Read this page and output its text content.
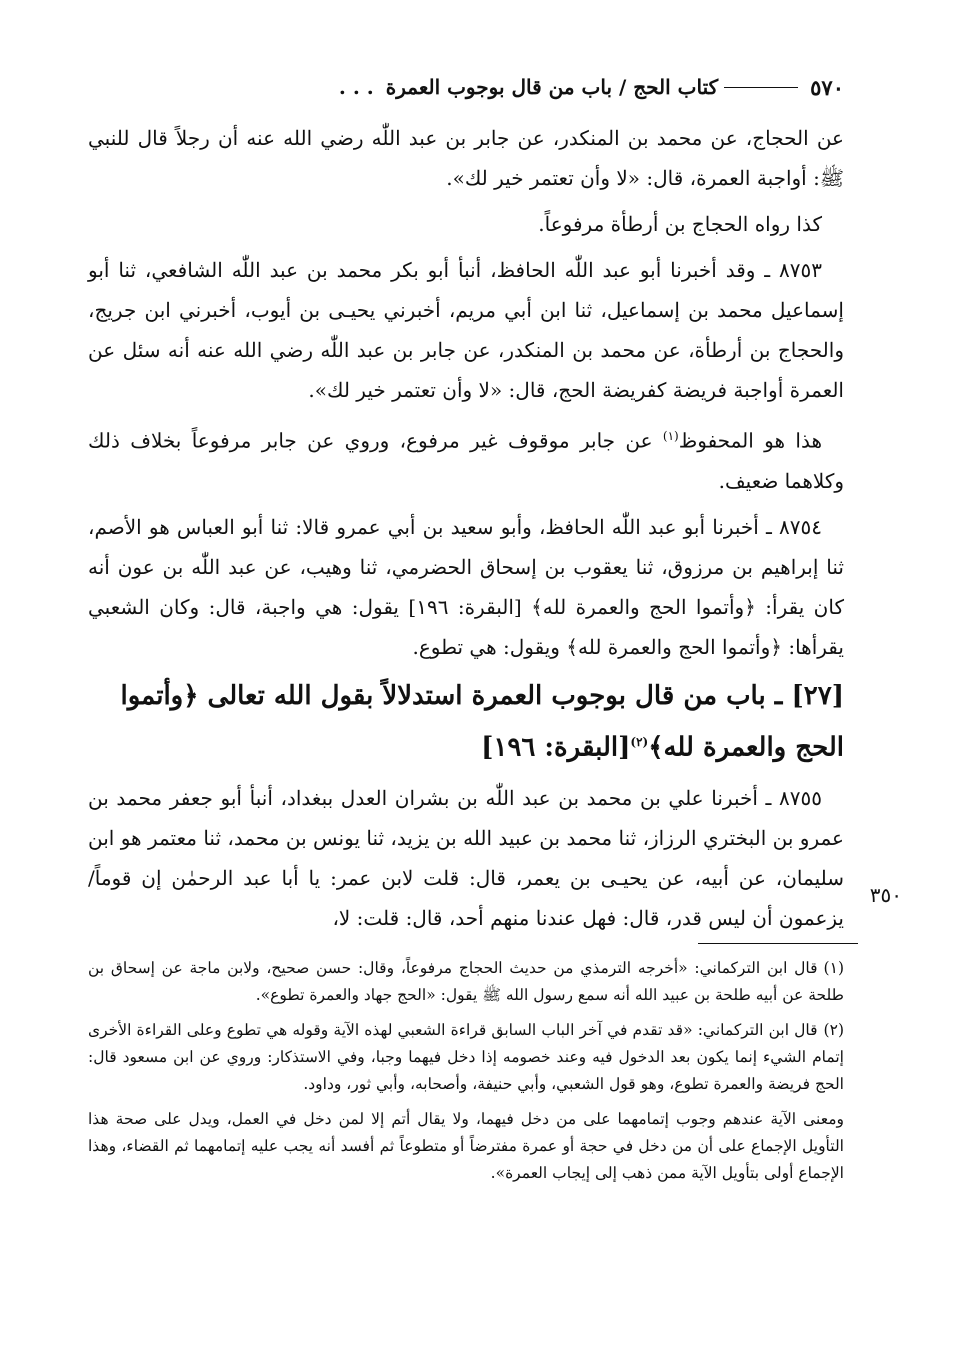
٥٧٠
كتاب الحج / باب من قال بوجوب العمرة
. . .

عن الحجاج، عن محمد بن المنكدر، عن جابر بن عبد اللّٰه رضي الله عنه أن رجلاً قال للنبي ﷺ: أواجبة العمرة، قال: «لا وأن تعتمر خير لك».

كذا رواه الحجاج بن أرطأة مرفوعاً.

٨٧٥٣ ـ وقد أخبرنا أبو عبد اللّٰه الحافظ، أنبأ أبو بكر محمد بن عبد اللّٰه الشافعي، ثنا أبو إسماعيل محمد بن إسماعيل، ثنا ابن أبي مريم، أخبرني يحيـى بن أيوب، أخبرني ابن جريج، والحجاج بن أرطأة، عن محمد بن المنكدر، عن جابر بن عبد اللّٰه رضي الله عنه أنه سئل عن العمرة أواجبة فريضة كفريضة الحج، قال: «لا وأن تعتمر خير لك».

هذا هو المحفوظ$^{(١)}$ عن جابر موقوف غير مرفوع، وروي عن جابر مرفوعاً بخلاف ذلك وكلاهما ضعيف.

٨٧٥٤ ـ أخبرنا أبو عبد اللّٰه الحافظ، وأبو سعيد بن أبي عمرو قالا: ثنا أبو العباس هو الأصم، ثنا إبراهيم بن مرزوق، ثنا يعقوب بن إسحاق الحضرمي، ثنا وهيب، عن عبد اللّٰه بن عون أنه كان يقرأ: ﴿وأتموا الحج والعمرة لله﴾ [البقرة: ١٩٦] يقول: هي واجبة، قال: وكان الشعبي يقرأها: ﴿وأتموا الحج والعمرة لله﴾ ويقول: هي تطوع.

[٢٧] ـ باب من قال بوجوب العمرة استدلالاً بقول الله تعالى ﴿وأتموا الحج والعمرة لله﴾$^{(٢)}$[البقرة: ١٩٦]

٨٧٥٥ ـ أخبرنا علي بن محمد بن عبد اللّٰه بن بشران العدل ببغداد، أنبأ أبو جعفر محمد بن عمرو بن البختري الرزاز، ثنا محمد بن عبيد الله بن يزيد، ثنا يونس بن محمد، ثنا معتمر هو ابن سليمان، عن أبيه، عن يحيـى بن يعمر، قال: قلت لابن عمر: يا أبا عبد الرحمٰن إن قوماً/ يزعمون أن ليس قدر، قال: فهل عندنا منهم أحد، قال: قلت: لا،

٣٥٠

(١)قال ابن التركماني: «أخرجه الترمذي من حديث الحجاج مرفوعاً، وقال: حسن صحيح، ولابن ماجة عن إسحاق بن طلحة عن أبيه طلحة بن عبيد الله أنه سمع رسول الله ﷺ يقول: «الحج جهاد والعمرة تطوع».

(٢)قال ابن التركماني: «قد تقدم في آخر الباب السابق قراءة الشعبي لهذه الآية وقوله هي تطوع وعلى القراءة الأخرى إتمام الشيء إنما يكون بعد الدخول فيه وعند خصومه إذا دخل فيهما وجبا، وفي الاستذكار: وروي عن ابن مسعود قال: الحج فريضة والعمرة تطوع، وهو قول الشعبي، وأبي حنيفة، وأصحابه، وأبي ثور، وداود.

ومعنى الآية عندهم وجوب إتمامهما على من دخل فيهما، ولا يقال أتم إلا لمن دخل في العمل، ويدل على صحة هذا التأويل الإجماع على أن من دخل في حجة أو عمرة مفترضاً أو متطوعاً ثم أفسد أنه يجب عليه إتمامهما ثم القضاء، وهذا الإجماع أولى بتأويل الآية ممن ذهب إلى إيجاب العمرة».
